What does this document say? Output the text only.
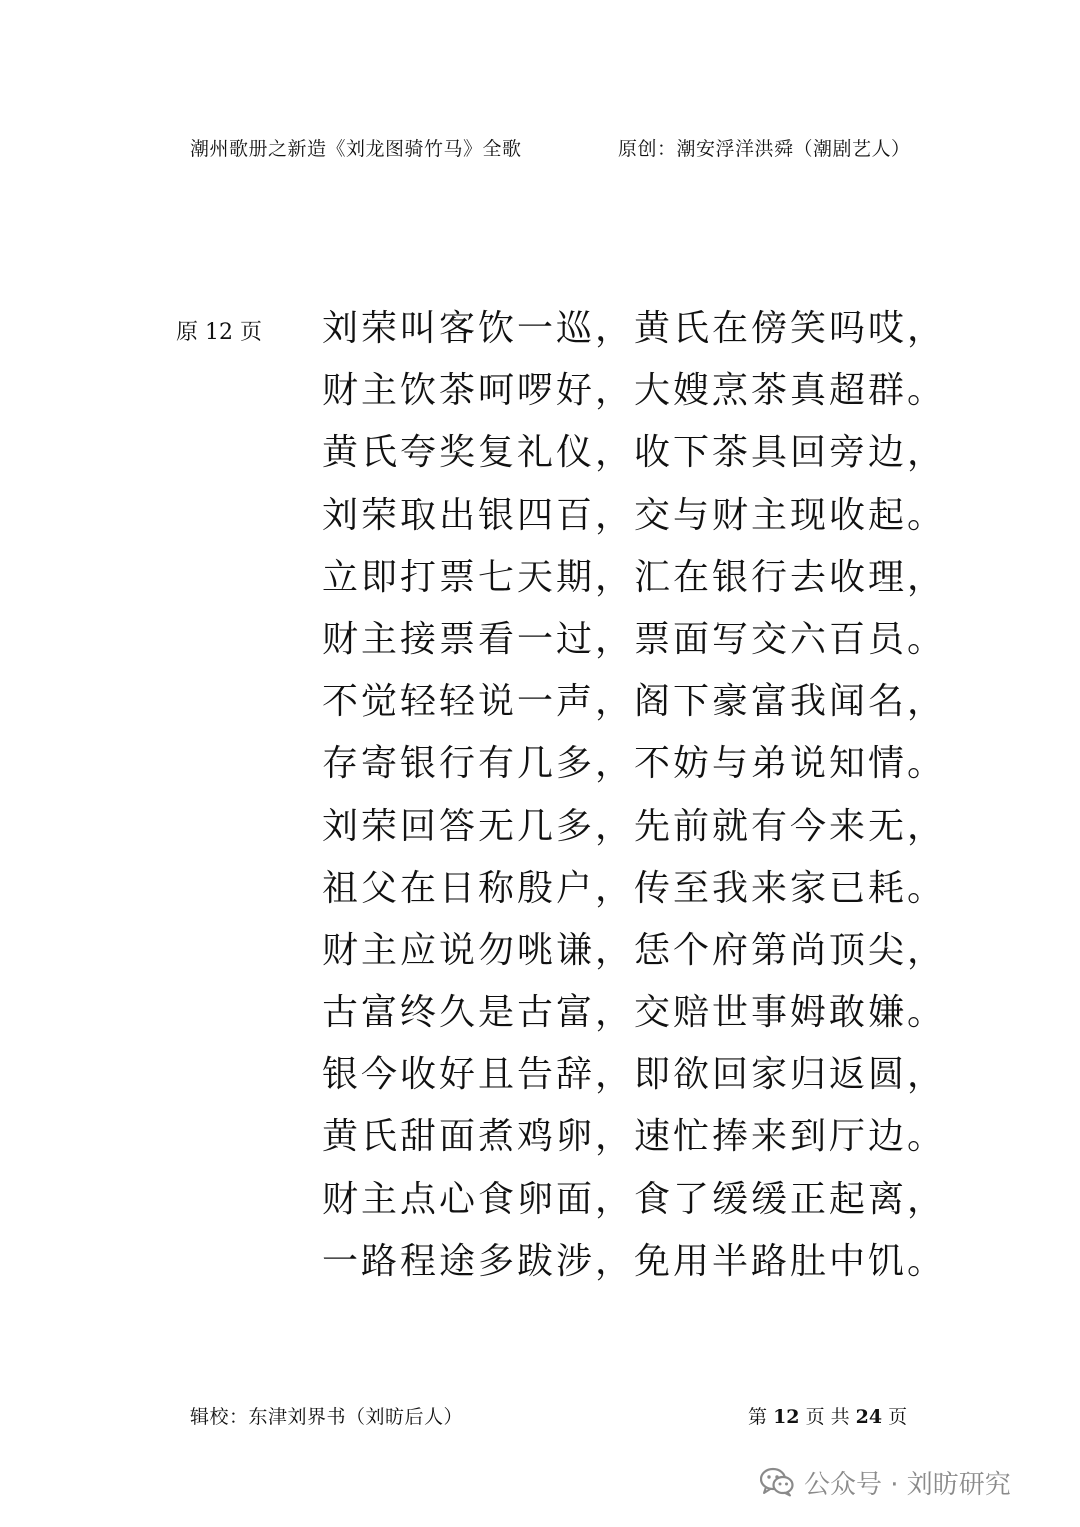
潮州歌册之新造《刘龙图骑竹马》全歌	原创：潮安浮洋洪舜（潮剧艺人）
原 12 页 刘荣叫客饮一巡，黄氏在傍笑吗哎，
财主饮茶呵啰好，大嫂烹茶真超群。
黄氏夸奖复礼仪，收下茶具回旁边，
刘荣取出银四百，交与财主现收起。
立即打票七天期，汇在银行去收理，
财主接票看一过，票面写交六百员。
不觉轻轻说一声，阁下豪富我闻名，
存寄银行有几多，不妨与弟说知情。
刘荣回答无几多，先前就有今来无，
祖父在日称殷户，传至我来家已耗。
财主应说勿咷谦，恁个府第尚顶尖，
古富终久是古富，交赔世事姆敢嫌。
银今收好且告辞，即欲回家归返圆，
黄氏甜面煮鸡卵，速忙捧来到厅边。
财主点心食卵面，食了缓缓正起离，
一路程途多跋涉，免用半路肚中饥。
辑校：东津刘界书（刘昉后人）	第 12 页 共 24 页
公众号 · 刘昉研究
